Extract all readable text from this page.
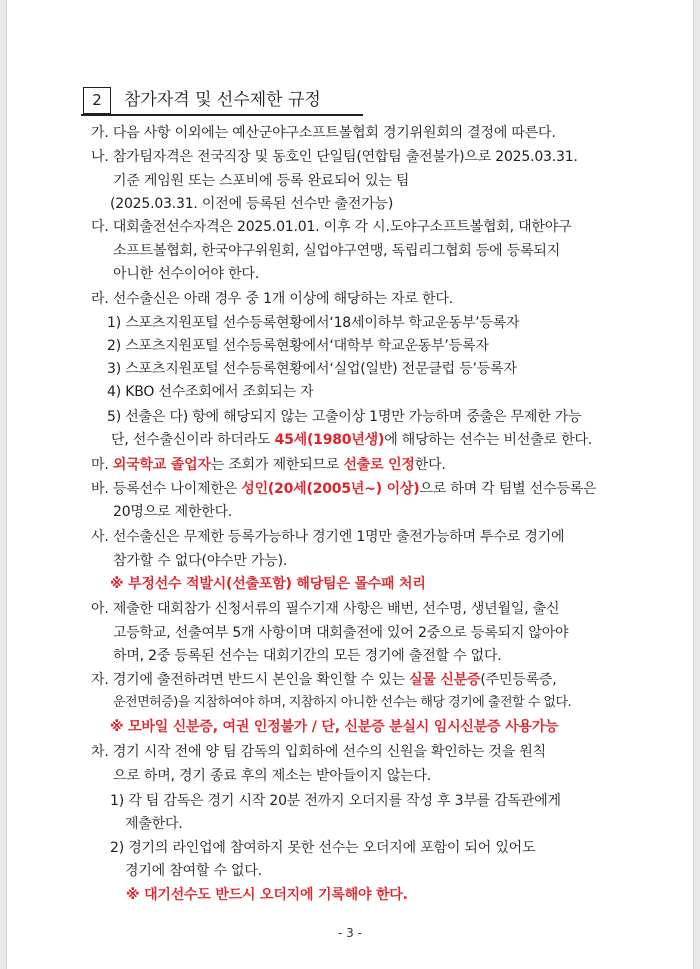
2	참가자격 및 선수제한 규정
가. 다음 사항 이외에는 예산군야구소프트볼협회 경기위원회의 결정에 따른다.
나. 참가팀자격은 전국직장 및 동호인 단일팀(연합팀 출전불가)으로 2025.03.31.
기준 게임원 또는 스포비에 등록 완료되어 있는 팀
(2025.03.31. 이전에 등록된 선수만 출전가능)
다. 대회출전선수자격은 2025.01.01. 이후 각 시.도야구소프트볼협회, 대한야구
소프트볼협회, 한국야구위원회, 실업야구연맹, 독립리그협회 등에 등록되지
아니한 선수이어야 한다.
라. 선수출신은 아래 경우 중 1개 이상에 해당하는 자로 한다.
1) 스포츠지원포털 선수등록현황에서‘18세이하부 학교운동부’등록자
2) 스포츠지원포털 선수등록현황에서‘대학부 학교운동부’등록자
3) 스포츠지원포털 선수등록현황에서‘실업(일반) 전문클럽 등’등록자
4) KBO 선수조회에서 조회되는 자
5) 선출은 다) 항에 해당되지 않는 고출이상 1명만 가능하며 중출은 무제한 가능
단, 선수출신이라 하더라도 45세(1980년생)에 해당하는 선수는 비선출로 한다.
마. 외국학교 졸업자는 조회가 제한되므로 선출로 인정한다.
바. 등록선수 나이제한은 성인(20세(2005년~) 이상)으로 하며 각 팀별 선수등록은
20명으로 제한한다.
사. 선수출신은 무제한 등록가능하나 경기엔 1명만 출전가능하며 투수로 경기에
참가할 수 없다(야수만 가능).
※ 부정선수 적발시(선출포함) 해당팀은 몰수패 처리
아. 제출한 대회참가 신청서류의 필수기재 사항은 배번, 선수명, 생년월일, 출신
고등학교, 선출여부 5개 사항이며 대회출전에 있어 2중으로 등록되지 않아야
하며, 2중 등록된 선수는 대회기간의 모든 경기에 출전할 수 없다.
자. 경기에 출전하려면 반드시 본인을 확인할 수 있는 실물 신분증(주민등록증,
운전면허증)을 지참하여야 하며, 지참하지 아니한 선수는 해당 경기에 출전할 수 없다.
※ 모바일 신분증, 여권 인정불가 / 단, 신분증 분실시 임시신분증 사용가능
차. 경기 시작 전에 양 팀 감독의 입회하에 선수의 신원을 확인하는 것을 원칙
으로 하며, 경기 종료 후의 제소는 받아들이지 않는다.
1) 각 팀 감독은 경기 시작 20분 전까지 오더지를 작성 후 3부를 감독관에게
제출한다.
2) 경기의 라인업에 참여하지 못한 선수는 오더지에 포함이 되어 있어도
경기에 참여할 수 없다.
※ 대기선수도 반드시 오더지에 기록해야 한다.
- 3 -
